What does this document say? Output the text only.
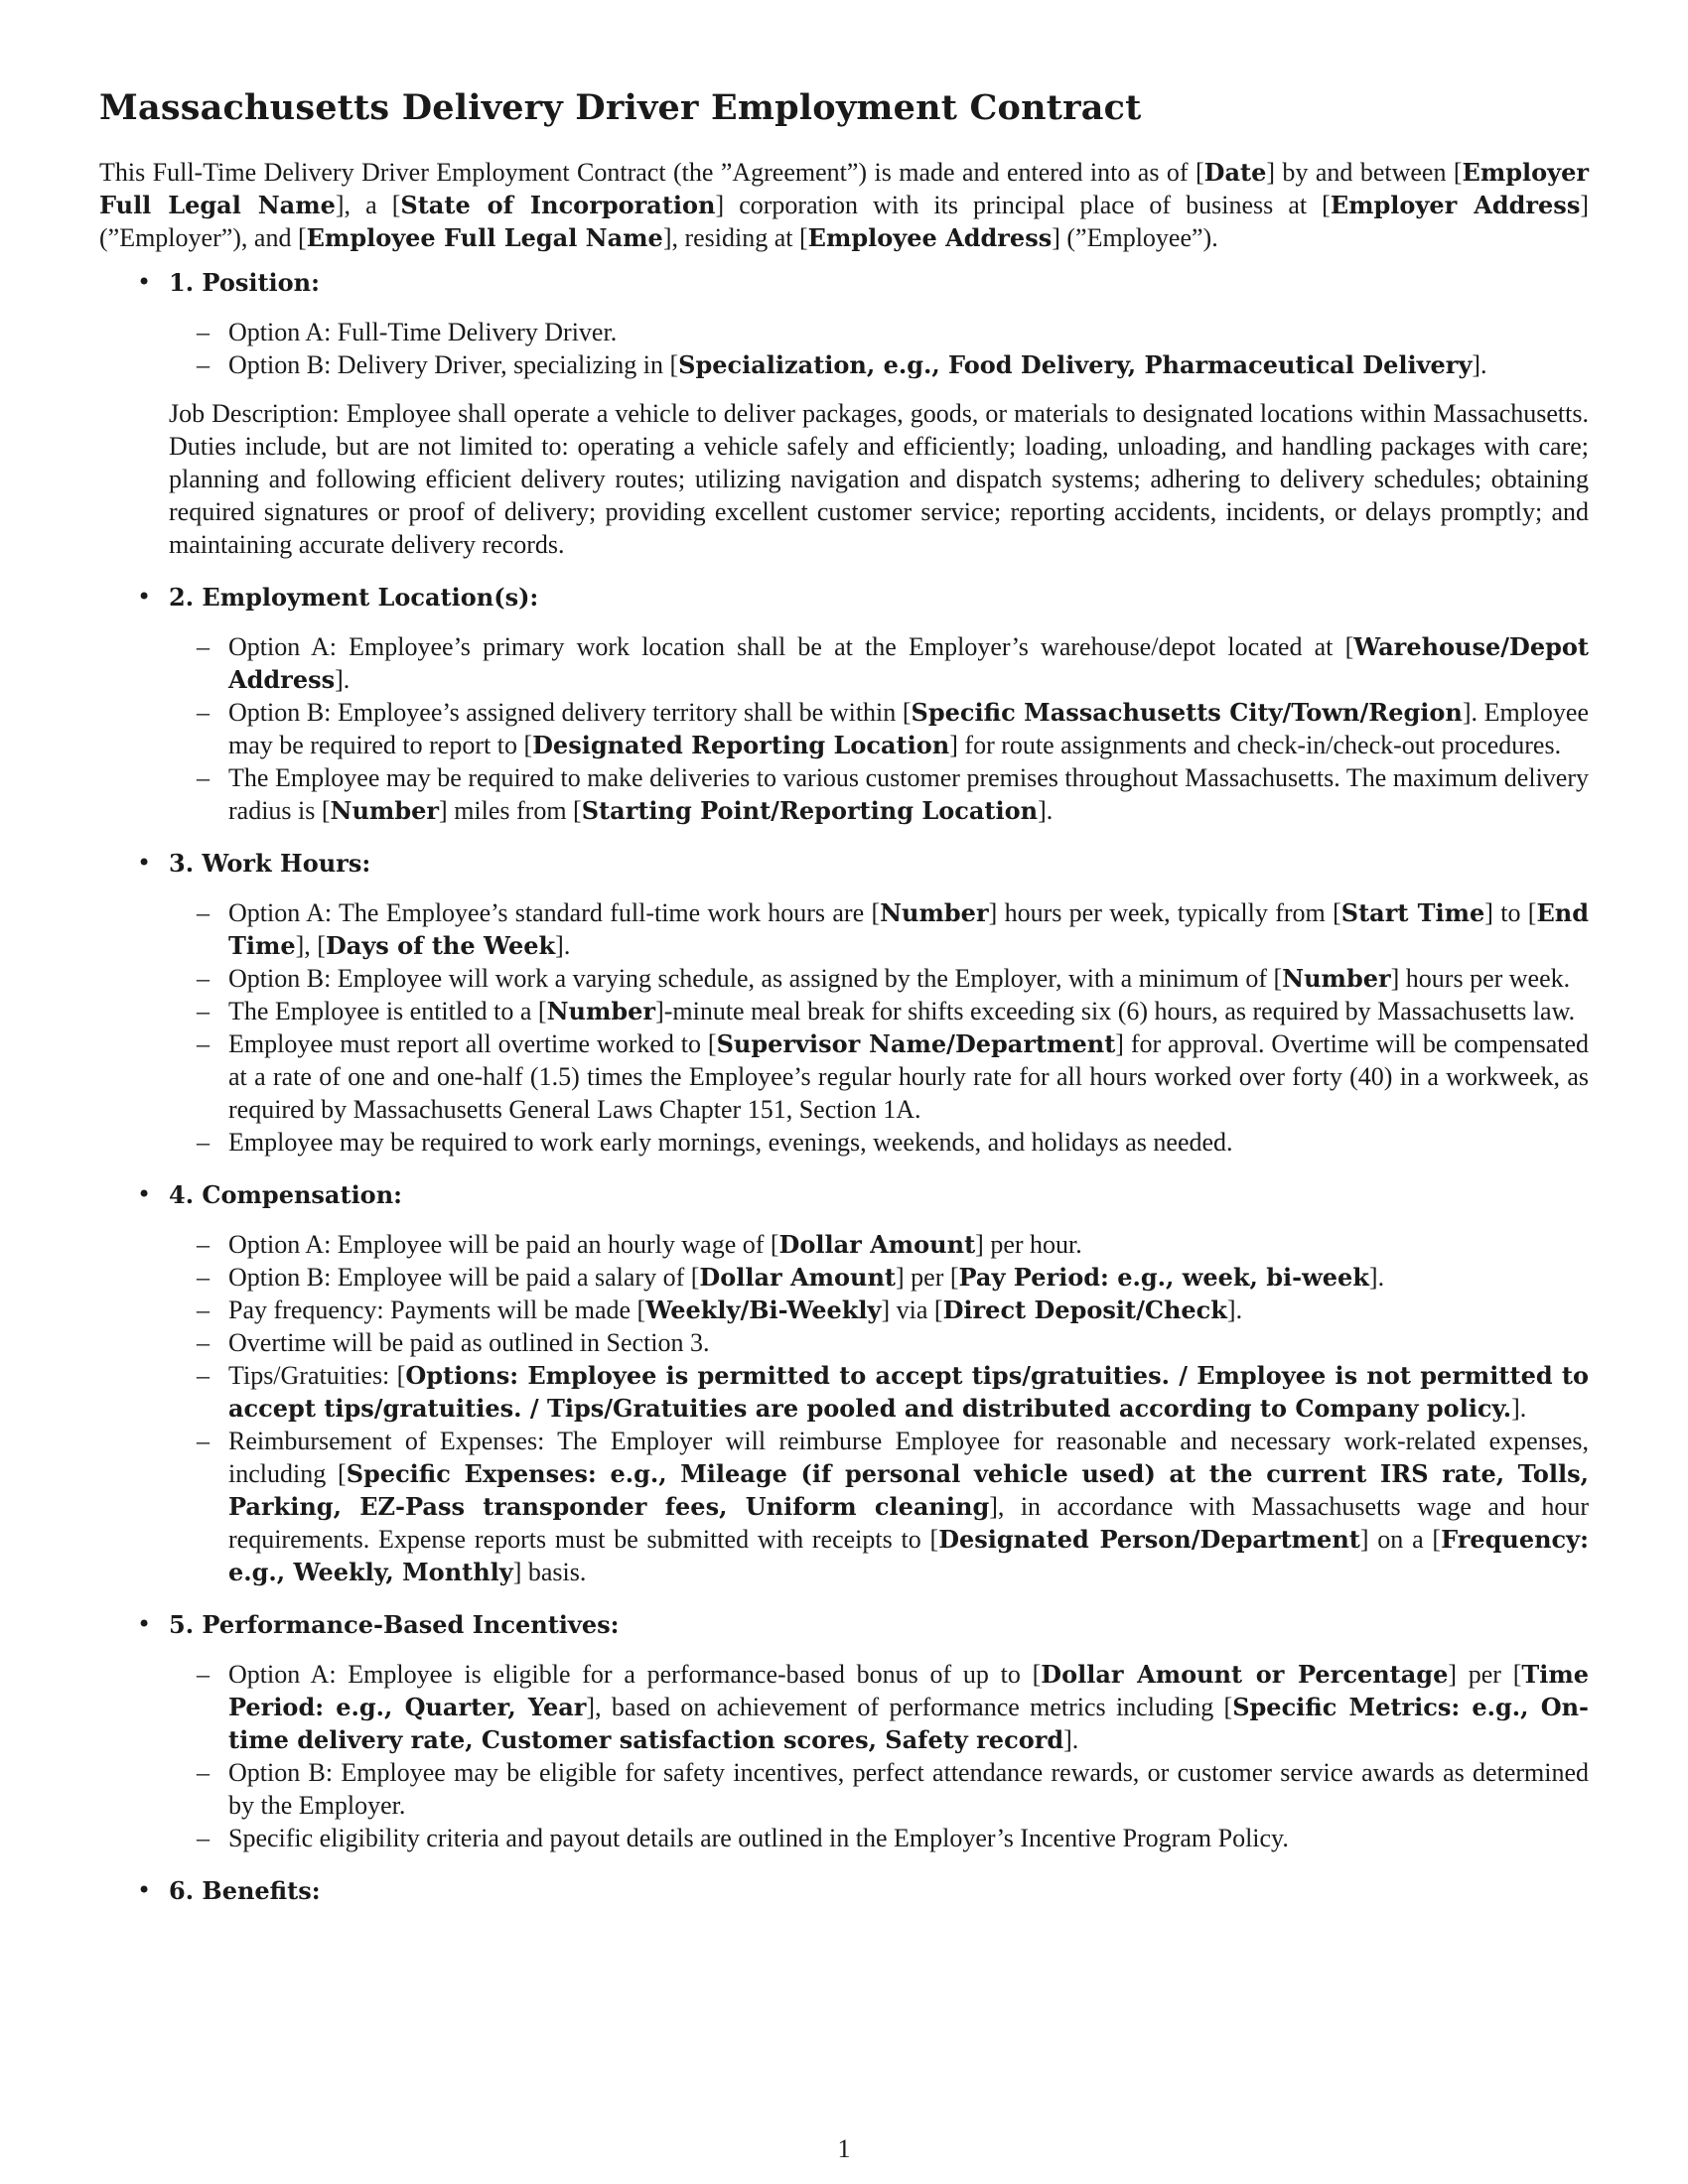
Massachusetts Delivery Driver Employment Contract

This Full-Time Delivery Driver Employment Contract (the ”Agreement”) is made and entered into as of [Date] by and between [Employer Full Legal Name], a [State of Incorporation] corporation with its principal place of business at [Employer Address] (”Employer”), and [Employee Full Legal Name], residing at [Employee Address] (”Employee”).

• 1. Position:
– Option A: Full-Time Delivery Driver.
– Option B: Delivery Driver, specializing in [Specialization, e.g., Food Delivery, Pharmaceutical Delivery].

Job Description: Employee shall operate a vehicle to deliver packages, goods, or materials to designated locations within Massachusetts. Duties include, but are not limited to: operating a vehicle safely and efficiently; loading, unloading, and handling packages with care; planning and following efficient delivery routes; utilizing navigation and dispatch systems; adhering to delivery schedules; obtaining required signatures or proof of delivery; providing excellent customer service; reporting accidents, incidents, or delays promptly; and maintaining accurate delivery records.

• 2. Employment Location(s):
– Option A: Employee’s primary work location shall be at the Employer’s warehouse/depot located at [Warehouse/Depot Address].
– Option B: Employee’s assigned delivery territory shall be within [Specific Massachusetts City/Town/Region]. Employee may be required to report to [Designated Reporting Location] for route assignments and check-in/check-out procedures.
– The Employee may be required to make deliveries to various customer premises throughout Massachusetts. The maximum delivery radius is [Number] miles from [Starting Point/Reporting Location].
• 3. Work Hours:
– Option A: The Employee’s standard full-time work hours are [Number] hours per week, typically from [Start Time] to [End Time], [Days of the Week].
– Option B: Employee will work a varying schedule, as assigned by the Employer, with a minimum of [Number] hours per week.
– The Employee is entitled to a [Number]-minute meal break for shifts exceeding six (6) hours, as required by Massachusetts law.
– Employee must report all overtime worked to [Supervisor Name/Department] for approval. Overtime will be compensated at a rate of one and one-half (1.5) times the Employee’s regular hourly rate for all hours worked over forty (40) in a workweek, as required by Massachusetts General Laws Chapter 151, Section 1A.
– Employee may be required to work early mornings, evenings, weekends, and holidays as needed.
• 4. Compensation:
– Option A: Employee will be paid an hourly wage of [Dollar Amount] per hour.
– Option B: Employee will be paid a salary of [Dollar Amount] per [Pay Period: e.g., week, bi-week].
– Pay frequency: Payments will be made [Weekly/Bi-Weekly] via [Direct Deposit/Check].
– Overtime will be paid as outlined in Section 3.
– Tips/Gratuities: [Options: Employee is permitted to accept tips/gratuities. / Employee is not permitted to accept tips/gratuities. / Tips/Gratuities are pooled and distributed according to Company policy.].
– Reimbursement of Expenses: The Employer will reimburse Employee for reasonable and necessary work-related expenses, including [Specific Expenses: e.g., Mileage (if personal vehicle used) at the current IRS rate, Tolls, Parking, EZ-Pass transponder fees, Uniform cleaning], in accordance with Massachusetts wage and hour requirements. Expense reports must be submitted with receipts to [Designated Person/Department] on a [Frequency: e.g., Weekly, Monthly] basis.
• 5. Performance-Based Incentives:
– Option A: Employee is eligible for a performance-based bonus of up to [Dollar Amount or Percentage] per [Time Period: e.g., Quarter, Year], based on achievement of performance metrics including [Specific Metrics: e.g., On-time delivery rate, Customer satisfaction scores, Safety record].
– Option B: Employee may be eligible for safety incentives, perfect attendance rewards, or customer service awards as determined by the Employer.
– Specific eligibility criteria and payout details are outlined in the Employer’s Incentive Program Policy.
• 6. Benefits:
1
